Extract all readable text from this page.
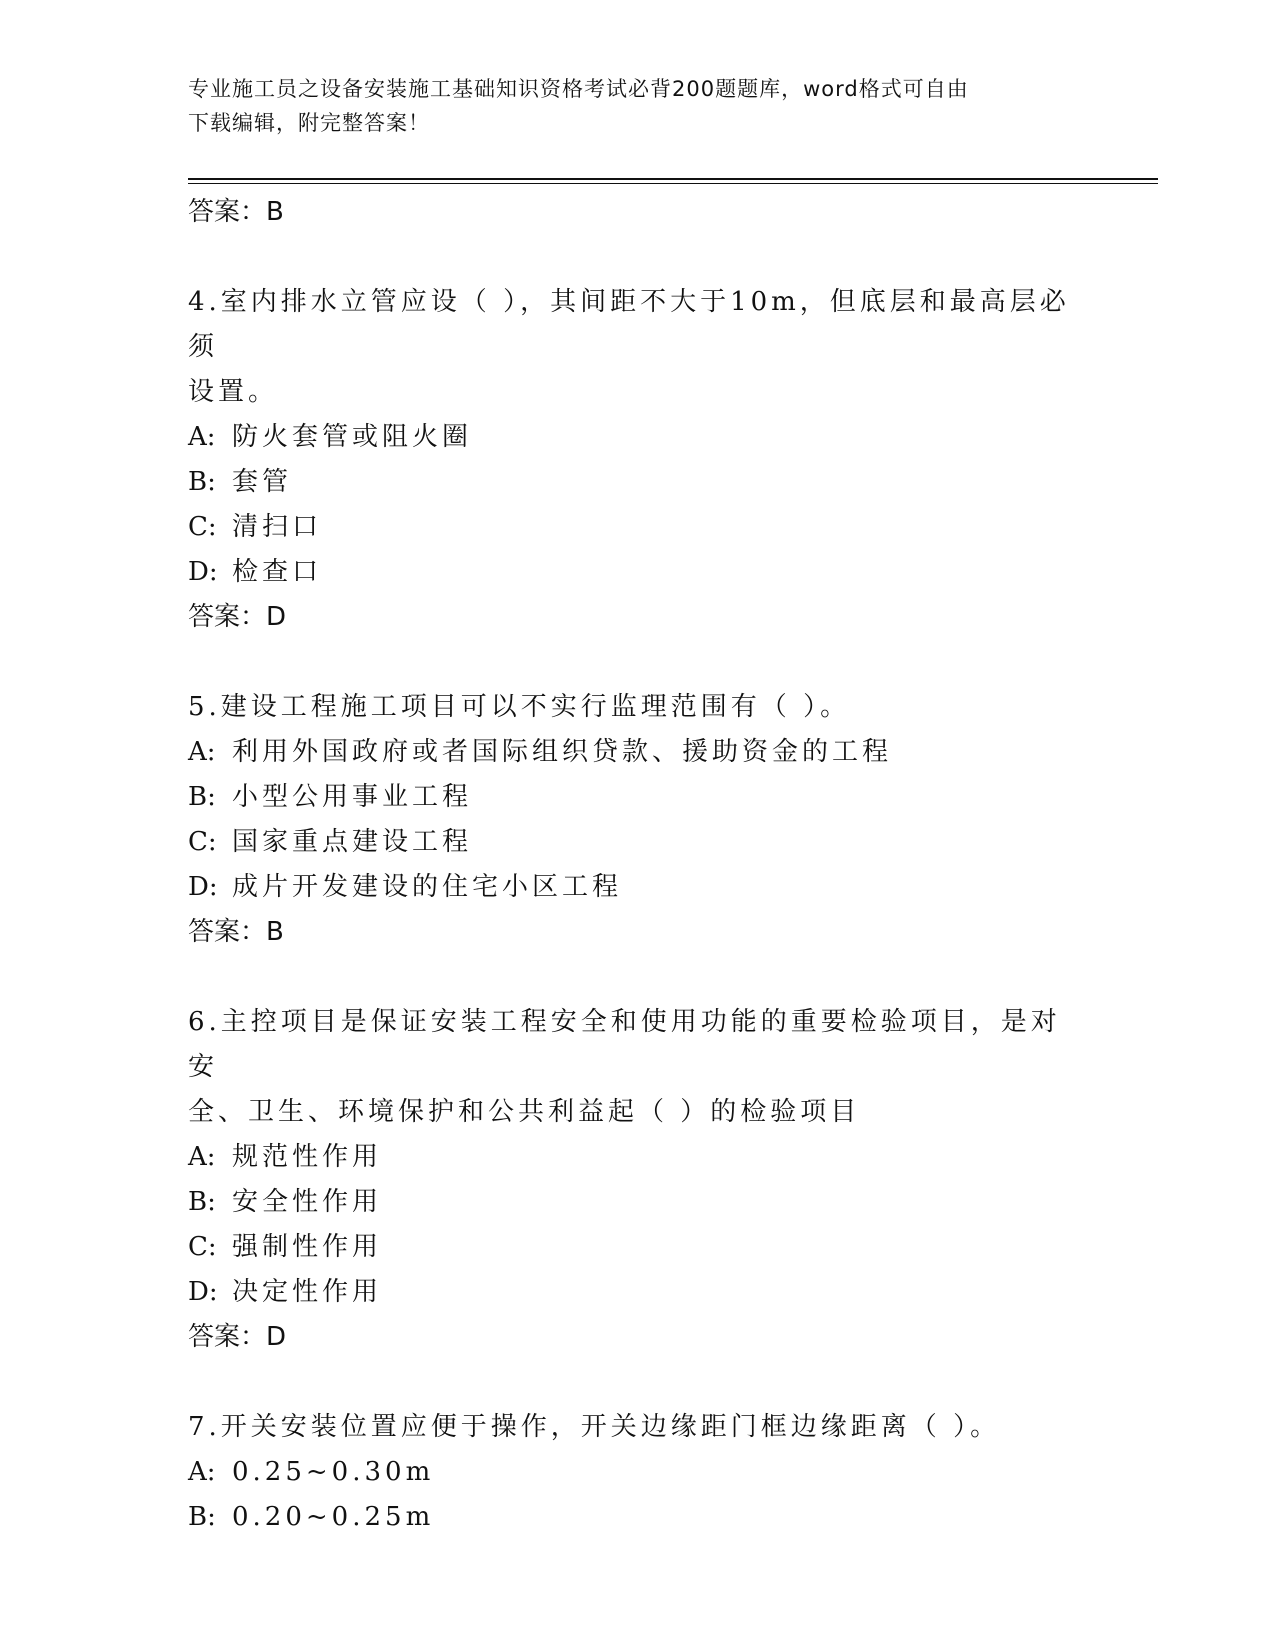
专业施工员之设备安装施工基础知识资格考试必背200题题库，word格式可自由
下载编辑，附完整答案！
答案：B

4.室内排水立管应设（ ），其间距不大于10m，但底层和最高层必须
设置。

A: 防火套管或阻火圈
B: 套管
C: 清扫口
D: 检查口
答案：D

5.建设工程施工项目可以不实行监理范围有（ ）。

A: 利用外国政府或者国际组织贷款、援助资金的工程
B: 小型公用事业工程
C: 国家重点建设工程
D: 成片开发建设的住宅小区工程
答案：B

6.主控项目是保证安装工程安全和使用功能的重要检验项目，是对安
全、卫生、环境保护和公共利益起（ ）的检验项目

A: 规范性作用
B: 安全性作用
C: 强制性作用
D: 决定性作用
答案：D

7.开关安装位置应便于操作，开关边缘距门框边缘距离（ ）。

A: 0.25~0.30m
B: 0.20~0.25m
